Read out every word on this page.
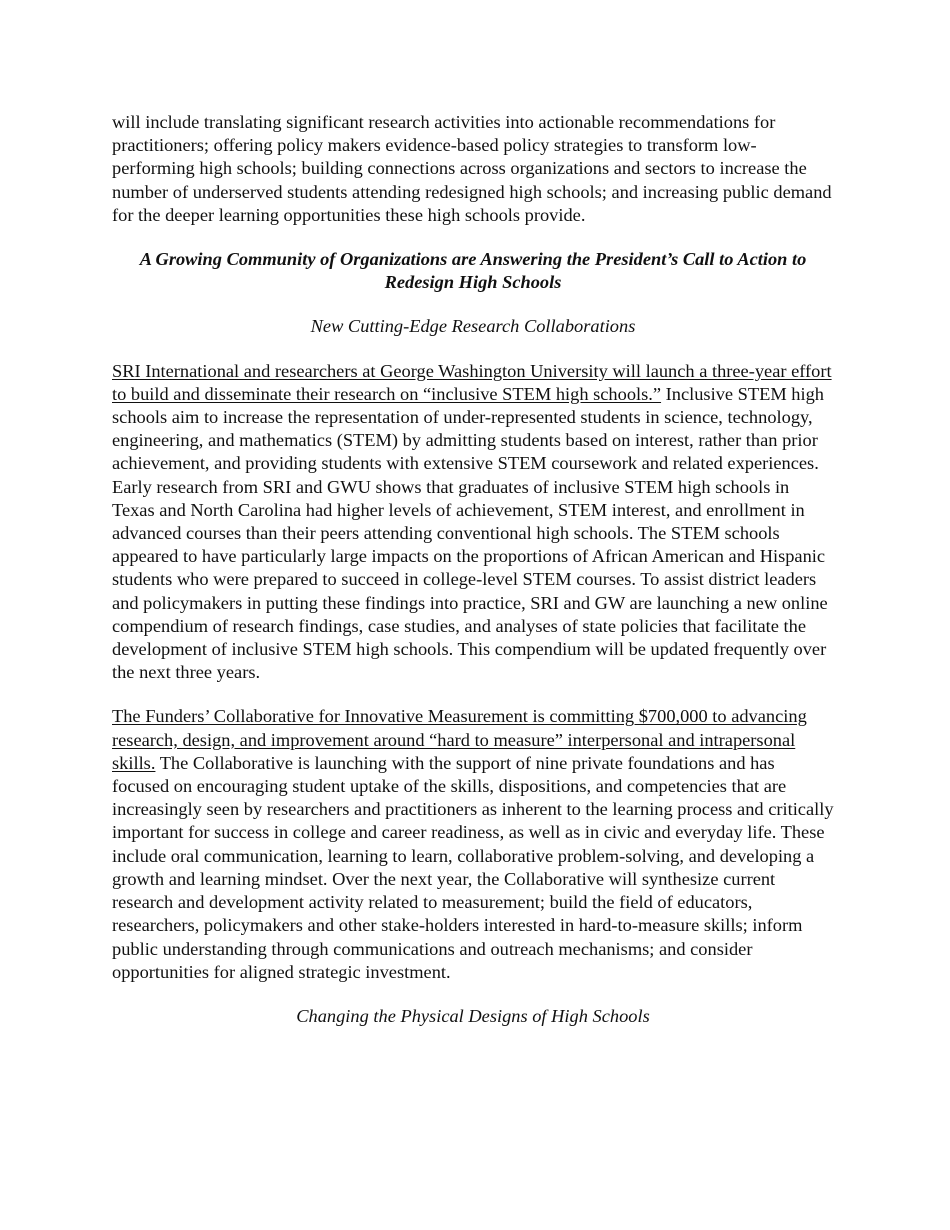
will include translating significant research activities into actionable recommendations for practitioners; offering policy makers evidence-based policy strategies to transform low-performing high schools; building connections across organizations and sectors to increase the number of underserved students attending redesigned high schools; and increasing public demand for the deeper learning opportunities these high schools provide.

A Growing Community of Organizations are Answering the President’s Call to Action to Redesign High Schools

New Cutting-Edge Research Collaborations

SRI International and researchers at George Washington University will launch a three-year effort to build and disseminate their research on “inclusive STEM high schools.” Inclusive STEM high schools aim to increase the representation of under-represented students in science, technology, engineering, and mathematics (STEM) by admitting students based on interest, rather than prior achievement, and providing students with extensive STEM coursework and related experiences. Early research from SRI and GWU shows that graduates of inclusive STEM high schools in Texas and North Carolina had higher levels of achievement, STEM interest, and enrollment in advanced courses than their peers attending conventional high schools. The STEM schools appeared to have particularly large impacts on the proportions of African American and Hispanic students who were prepared to succeed in college-level STEM courses. To assist district leaders and policymakers in putting these findings into practice, SRI and GW are launching a new online compendium of research findings, case studies, and analyses of state policies that facilitate the development of inclusive STEM high schools. This compendium will be updated frequently over the next three years.

The Funders’ Collaborative for Innovative Measurement is committing $700,000 to advancing research, design, and improvement around “hard to measure” interpersonal and intrapersonal skills. The Collaborative is launching with the support of nine private foundations and has focused on encouraging student uptake of the skills, dispositions, and competencies that are increasingly seen by researchers and practitioners as inherent to the learning process and critically important for success in college and career readiness, as well as in civic and everyday life. These include oral communication, learning to learn, collaborative problem-solving, and developing a growth and learning mindset. Over the next year, the Collaborative will synthesize current research and development activity related to measurement; build the field of educators, researchers, policymakers and other stake-holders interested in hard-to-measure skills; inform public understanding through communications and outreach mechanisms; and consider opportunities for aligned strategic investment.

Changing the Physical Designs of High Schools
